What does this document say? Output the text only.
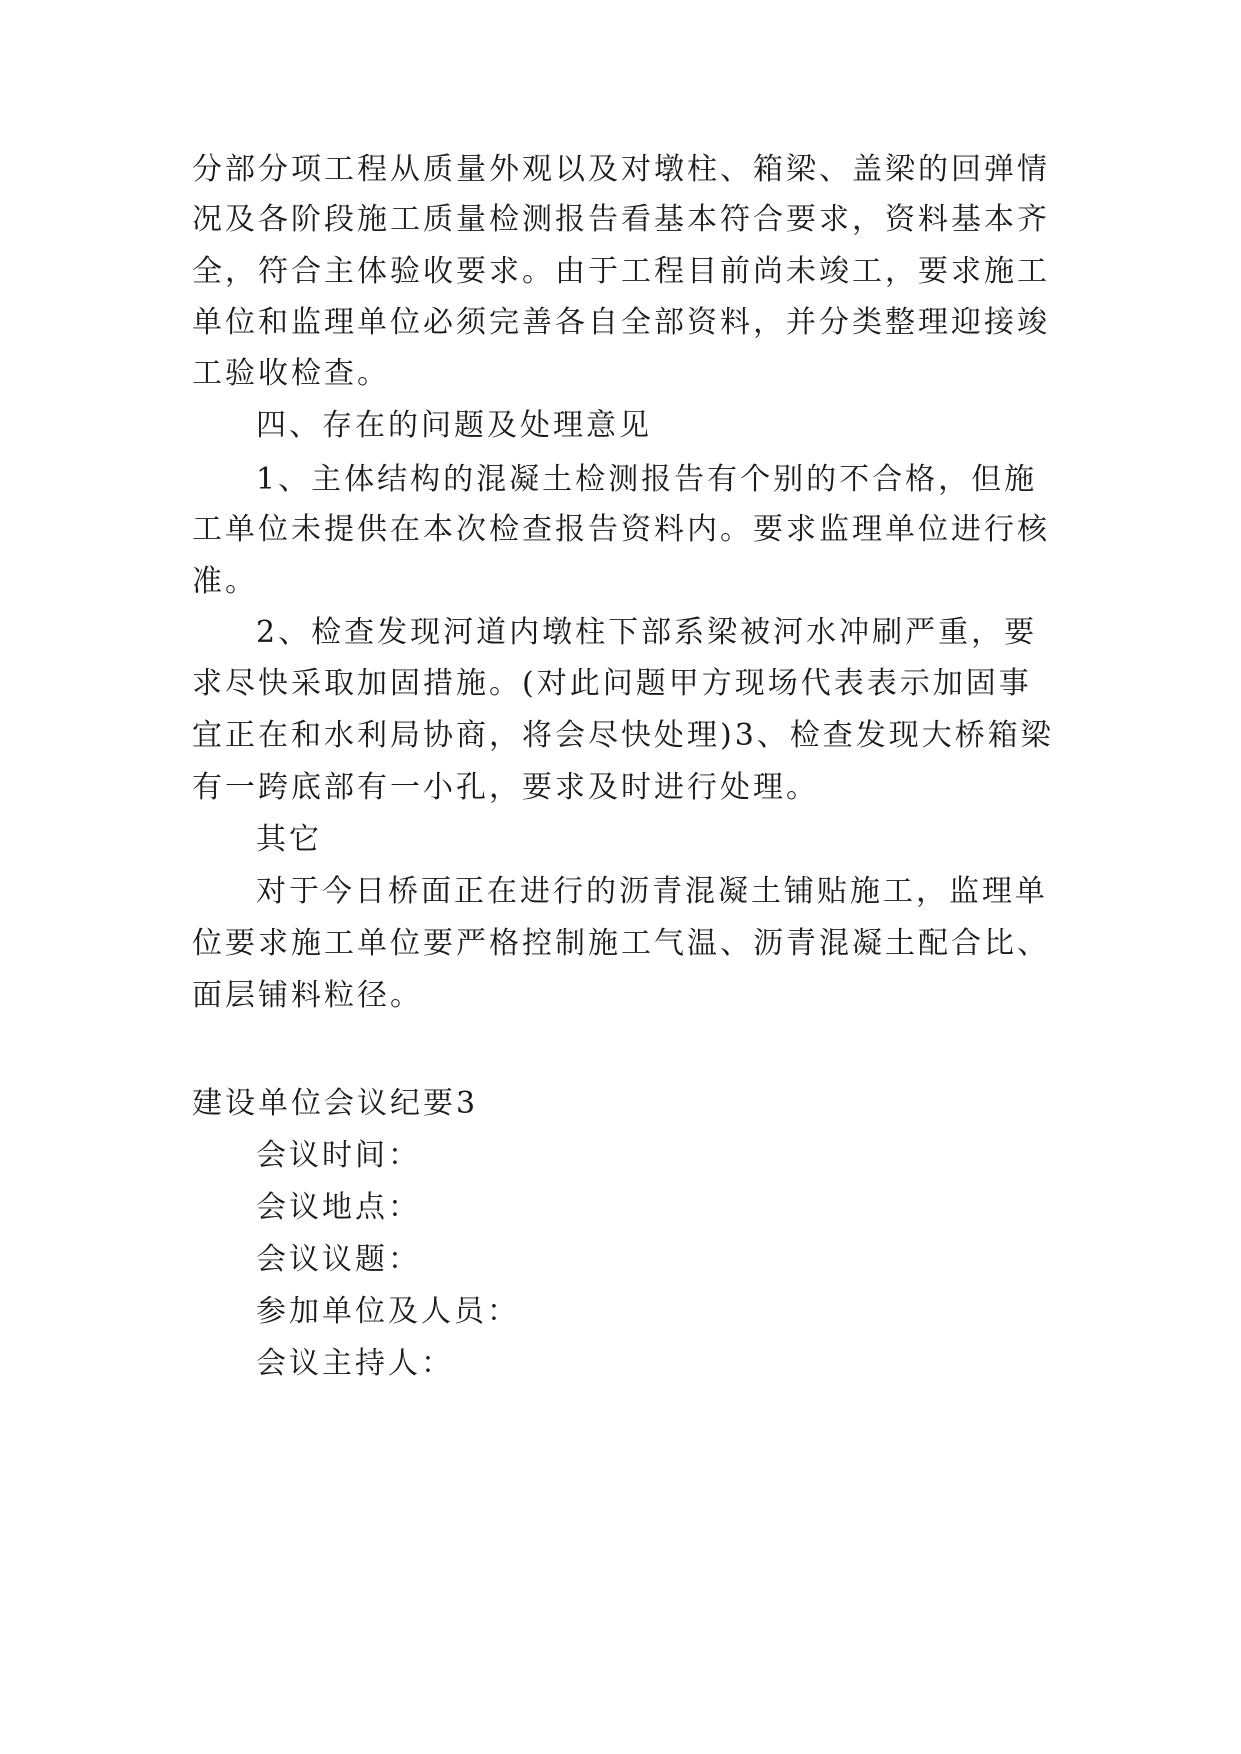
分部分项工程从质量外观以及对墩柱、箱梁、盖梁的回弹情
况及各阶段施工质量检测报告看基本符合要求，资料基本齐
全，符合主体验收要求。由于工程目前尚未竣工，要求施工
单位和监理单位必须完善各自全部资料，并分类整理迎接竣
工验收检查。
四、存在的问题及处理意见
1、主体结构的混凝土检测报告有个别的不合格，但施
工单位未提供在本次检查报告资料内。要求监理单位进行核
准。
2、检查发现河道内墩柱下部系梁被河水冲刷严重，要
求尽快采取加固措施。(对此问题甲方现场代表表示加固事
宜正在和水利局协商，将会尽快处理)3、检查发现大桥箱梁
有一跨底部有一小孔，要求及时进行处理。
其它
对于今日桥面正在进行的沥青混凝土铺贴施工，监理单
位要求施工单位要严格控制施工气温、沥青混凝土配合比、
面层铺料粒径。
建设单位会议纪要3
会议时间：
会议地点：
会议议题：
参加单位及人员：
会议主持人：
